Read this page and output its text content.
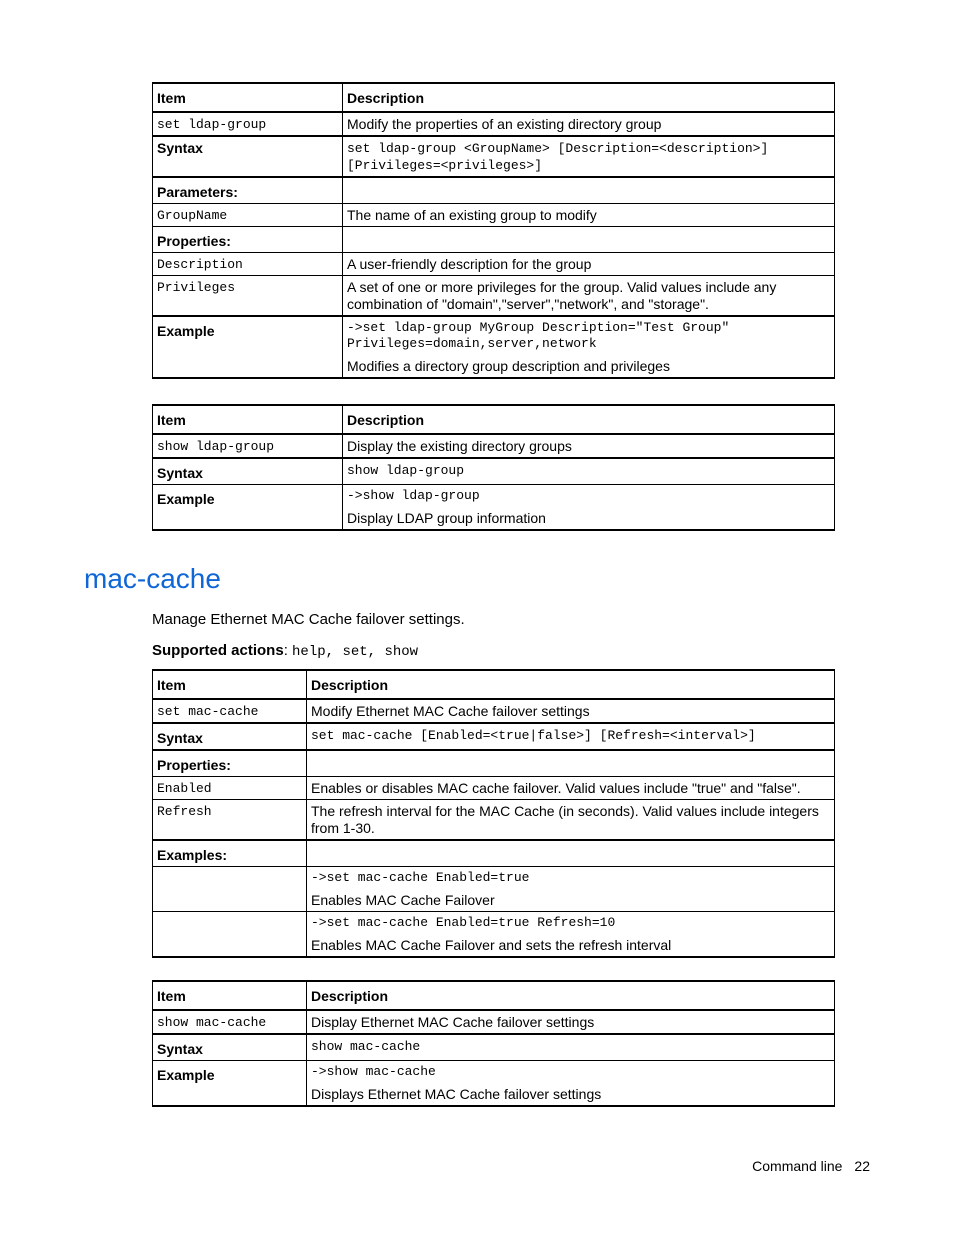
Item	Description
set ldap-group	Modify the properties of an existing directory group
Syntax	set ldap-group <GroupName> [Description=<description>]
[Privileges=<privileges>]

Parameters:	
GroupName	The name of an existing group to modify
Properties:	
Description	A user-friendly description for the group
Privileges	A set of one or more privileges for the group. Valid values include any combination of "domain","server","network", and "storage".
Example	->set ldap-group MyGroup Description="Test Group"
Privileges=domain,server,network
Modifies a directory group description and privileges
Item	Description
show ldap-group	Display the existing directory groups
Syntax	show ldap-group
Example	->show ldap-group
Display LDAP group information
mac-cache
Manage Ethernet MAC Cache failover settings.
Supported actions: help, set, show
Item	Description
set mac-cache	Modify Ethernet MAC Cache failover settings
Syntax	set mac-cache [Enabled=<true|false>] [Refresh=<interval>]
Properties:	
Enabled	Enables or disables MAC cache failover. Valid values include "true" and "false".
Refresh	The refresh interval for the MAC Cache (in seconds). Valid values include integers from 1-30.
Examples:	

	->set mac-cache Enabled=true
Enables MAC Cache Failover

	->set mac-cache Enabled=true Refresh=10
Enables MAC Cache Failover and sets the refresh interval
Item	Description
show mac-cache	Display Ethernet MAC Cache failover settings
Syntax	show mac-cache
Example	->show mac-cache
Displays Ethernet MAC Cache failover settings
Command line 22
